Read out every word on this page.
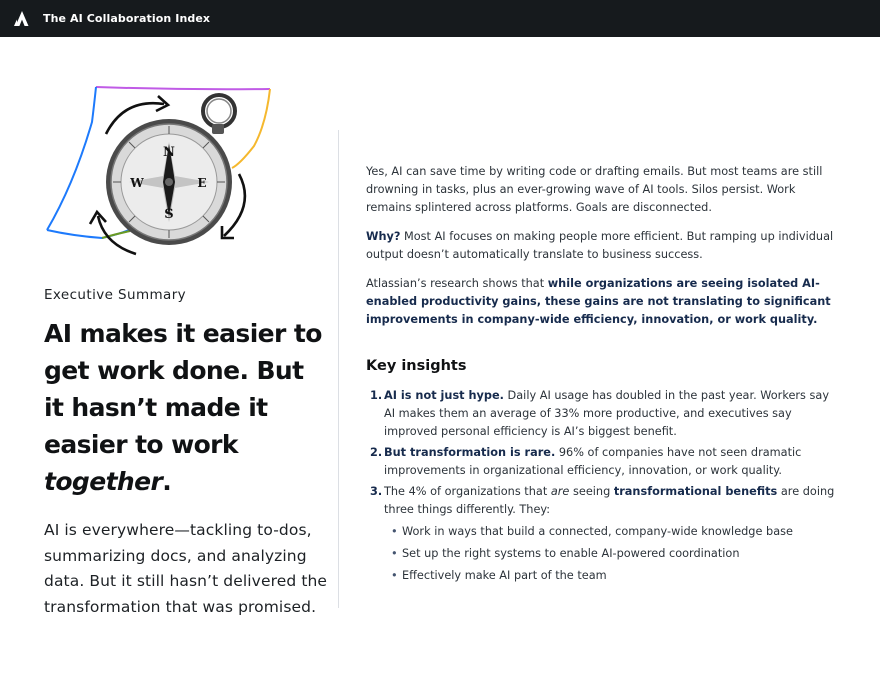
The AI Collaboration Index
N
S
E
W
Executive Summary
AI makes it easier to get work done. But it hasn’t made it easier to work together.

AI is everywhere—tackling to-dos, summarizing docs, and analyzing data. But it still hasn’t delivered the transformation that was promised.

Yes, AI can save time by writing code or drafting emails. But most teams are still drowning in tasks, plus an ever-growing wave of AI tools. Silos persist. Work remains splintered across platforms. Goals are disconnected.

Why? Most AI focuses on making people more efficient. But ramping up individual output doesn’t automatically translate to business success.

Atlassian’s research shows that while organizations are seeing isolated AI-enabled productivity gains, these gains are not translating to significant improvements in company-wide efficiency, innovation, or work quality.

Key insights
1. AI is not just hype. Daily AI usage has doubled in the past year. Workers say AI makes them an average of 33% more productive, and executives say improved personal efficiency is AI’s biggest benefit.
2. But transformation is rare. 96% of companies have not seen dramatic improvements in organizational efficiency, innovation, or work quality.
3. The 4% of organizations that are seeing transformational benefits are doing three things differently. They:
• Work in ways that build a connected, company-wide knowledge base
• Set up the right systems to enable AI-powered coordination
• Effectively make AI part of the team
